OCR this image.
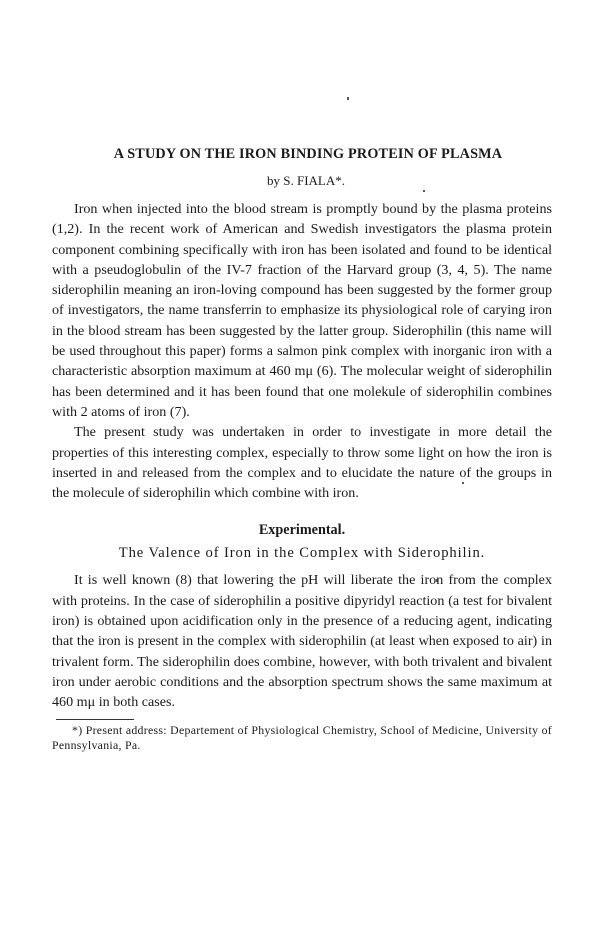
A STUDY ON THE IRON BINDING PROTEIN OF PLASMA
by S. FIALA*.

Iron when injected into the blood stream is promptly bound by the plasma proteins (1,2). In the recent work of American and Swedish investigators the plasma protein component combining specifically with iron has been isolated and found to be identical with a pseudoglobulin of the IV-7 fraction of the Harvard group (3, 4, 5). The name siderophilin meaning an iron-loving compound has been suggested by the former group of investigators, the name transferrin to emphasize its physiological role of carying iron in the blood stream has been suggested by the latter group. Siderophilin (this name will be used throughout this paper) forms a salmon pink complex with inorganic iron with a characteristic absorption maximum at 460 mμ (6). The molecular weight of siderophilin has been determined and it has been found that one molekule of siderophilin combines with 2 atoms of iron (7).

The present study was undertaken in order to investigate in more detail the properties of this interesting complex, especially to throw some light on how the iron is inserted in and released from the complex and to elucidate the nature of the groups in the molecule of siderophilin which combine with iron.

Experimental.
The Valence of Iron in the Complex with Siderophilin.

It is well known (8) that lowering the pH will liberate the iron from the complex with proteins. In the case of siderophilin a positive dipyridyl reaction (a test for bivalent iron) is obtained upon acidification only in the presence of a reducing agent, indicating that the iron is present in the complex with siderophilin (at least when exposed to air) in trivalent form. The siderophilin does combine, however, with both trivalent and bivalent iron under aerobic conditions and the absorption spectrum shows the same maximum at 460 mμ in both cases.

*) Present address: Departement of Physiological Chemistry, School of Medicine, University of Pennsylvania, Pa.
